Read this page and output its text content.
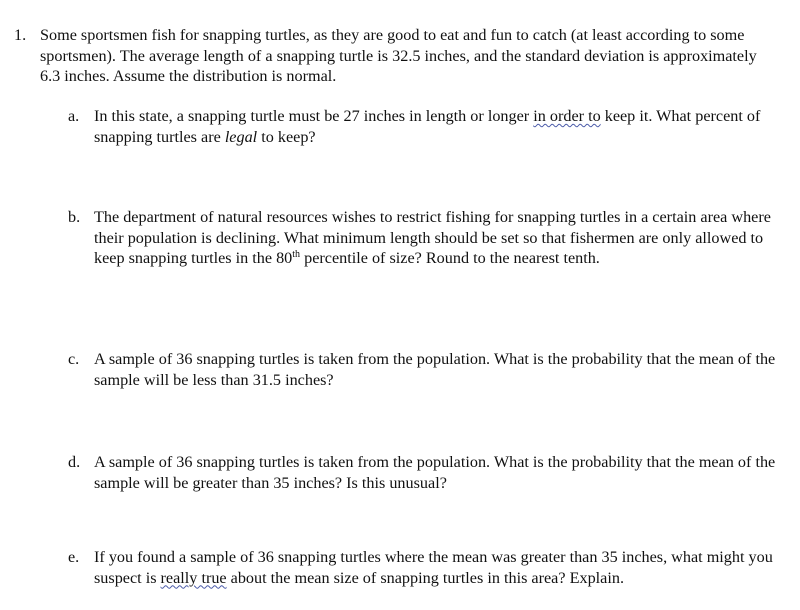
1. Some sportsmen fish for snapping turtles, as they are good to eat and fun to catch (at least according to some sportsmen). The average length of a snapping turtle is 32.5 inches, and the standard deviation is approximately 6.3 inches. Assume the distribution is normal.
a. In this state, a snapping turtle must be 27 inches in length or longer in order to keep it. What percent of snapping turtles are legal to keep?
b. The department of natural resources wishes to restrict fishing for snapping turtles in a certain area where their population is declining. What minimum length should be set so that fishermen are only allowed to keep snapping turtles in the 80th percentile of size? Round to the nearest tenth.
c. A sample of 36 snapping turtles is taken from the population. What is the probability that the mean of the sample will be less than 31.5 inches?
d. A sample of 36 snapping turtles is taken from the population. What is the probability that the mean of the sample will be greater than 35 inches? Is this unusual?
e. If you found a sample of 36 snapping turtles where the mean was greater than 35 inches, what might you suspect is really true about the mean size of snapping turtles in this area? Explain.
